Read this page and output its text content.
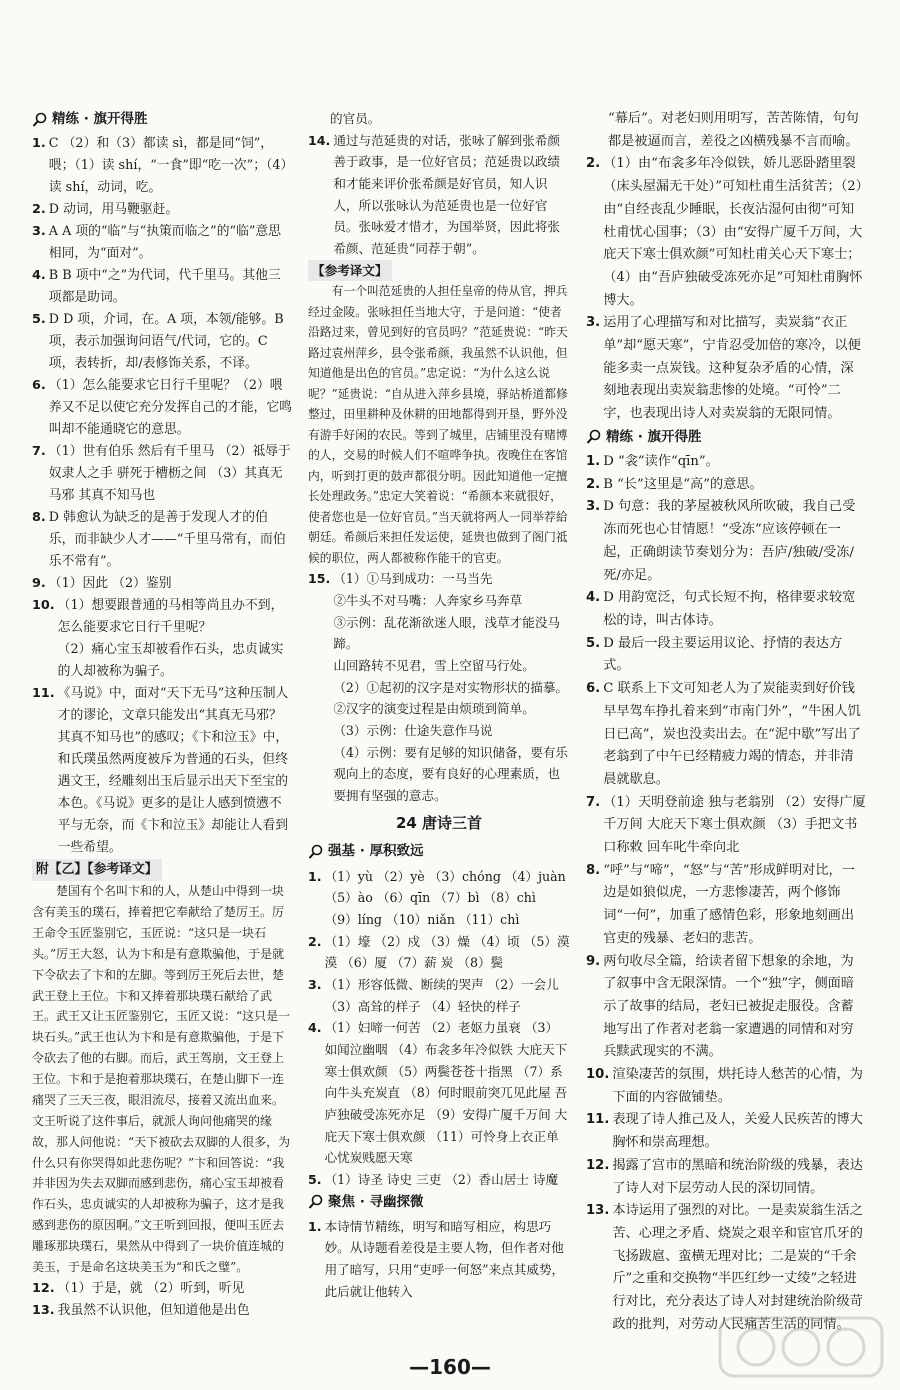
精练 · 旗开得胜
1. C （2）和（3）都读 sì，都是同“饲”，喂；（1）读 shí，“一食”即“吃一次”；（4）读 shí，动词，吃。
2. D 动词，用马鞭驱赶。
3. A A 项的“临”与“执策而临之”的“临”意思相同，为“面对”。
4. B B 项中“之”为代词，代千里马。其他三项都是助词。
5. D D 项，介词，在。A 项，本领/能够。B 项，表示加强询问语气/代词，它的。C 项，表转折，却/表修饰关系，不译。
6. （1）怎么能要求它日行千里呢？（2）喂养又不足以使它充分发挥自己的才能，它鸣叫却不能通晓它的意思。
7. （1）世有伯乐 然后有千里马 （2）祗辱于奴隶人之手 骈死于槽枥之间 （3）其真无马邪 其真不知马也
8. D 韩愈认为缺乏的是善于发现人才的伯乐，而非缺少人才——“千里马常有，而伯乐不常有”。
9. （1）因此 （2）鉴别
10. （1）想要跟普通的马相等尚且办不到，怎么能要求它日行千里呢？
（2）痛心宝玉却被看作石头，忠贞诚实的人却被称为骗子。
11. 《马说》中，面对“天下无马”这种压制人才的谬论，文章只能发出“其真无马邪？其真不知马也”的感叹；《卞和泣玉》中，和氏璞虽然两度被斥为普通的石头，但终遇文王，经雕刻出玉后显示出天下至宝的本色。《马说》更多的是让人感到愤懑不平与无奈，而《卞和泣玉》却能让人看到一些希望。
附【乙】【参考译文】
楚国有个名叫卞和的人，从楚山中得到一块含有美玉的璞石，捧着把它奉献给了楚厉王。厉王命令玉匠鉴别它，玉匠说：“这只是一块石头。”厉王大怒，认为卞和是有意欺骗他，于是就下令砍去了卞和的左脚。等到厉王死后去世，楚武王登上王位。卞和又捧着那块璞石献给了武王。武王又让玉匠鉴别它，玉匠又说：“这只是一块石头。”武王也认为卞和是有意欺骗他，于是下令砍去了他的右脚。而后，武王驾崩，文王登上王位。卞和于是抱着那块璞石，在楚山脚下一连痛哭了三天三夜，眼泪流尽，接着又流出血来。文王听说了这件事后，就派人询问他痛哭的缘故，那人问他说：“天下被砍去双脚的人很多，为什么只有你哭得如此悲伤呢？”卞和回答说：“我并非因为失去双脚而感到悲伤，痛心宝玉却被看作石头，忠贞诚实的人却被称为骗子，这才是我感到悲伤的原因啊。”文王听到回报，便叫玉匠去雕琢那块璞石，果然从中得到了一块价值连城的美玉，于是命名这块美玉为“和氏之璧”。
12. （1）于是，就 （2）听到，听见
13. 我虽然不认识他，但知道他是出色
的官员。
14. 通过与范延贵的对话，张咏了解到张希颜善于政事，是一位好官员；范延贵以政绩和才能来评价张希颜是好官员，知人识人，所以张咏认为范延贵也是一位好官员。张咏爱才惜才，为国举贤，因此将张希颜、范延贵“同荐于朝”。
【参考译文】
有一个叫范延贵的人担任皇帝的侍从官，押兵经过金陵。张咏担任当地大守，于是问道：“使者沿路过来，曾见到好的官员吗？”范延贵说：“昨天路过袁州萍乡，县令张希颜，我虽然不认识他，但知道他是出色的官员。”忠定说：“为什么这么说呢？”延贵说：“自从进入萍乡县境，驿站桥道都修整过，田里耕种及休耕的田地都得到开垦，野外没有游手好闲的农民。等到了城里，店铺里没有赌博的人，交易的时候人们不喧哗争执。夜晚住在客馆内，听到打更的鼓声都很分明。因此知道他一定擅长处理政务。”忠定大笑着说：“希颜本来就很好，使者您也是一位好官员。”当天就将两人一同举荐給朝廷。希颜后来担任发运使，延贵也做到了阁门祗候的职位，两人都被称作能干的官吏。
15. （1）①马到成功：一马当先
②牛头不对马嘴：人奔家乡马奔草
③示例：乱花渐欲迷人眼，浅草才能没马蹄。
山回路转不见君，雪上空留马行处。
（2）①起初的汉字是对实物形状的描摹。
②汉字的演变过程是由烦琐到简单。
（3）示例：仕途失意作马说
（4）示例：要有足够的知识储备，要有乐观向上的态度，要有良好的心理素质，也要拥有坚强的意志。
24 唐诗三首
强基 · 厚积致远
1. （1）yù （2）yè （3）chóng （4）juàn
（5）ào （6）qīn （7）bì （8）chì
（9）líng （10）niǎn （11）chì
2. （1）壕 （2）戍 （3）燥 （4）顷 （5）漠 漠 （6）厦 （7）薪 炭 （8）鬓
3. （1）形容低微、断续的哭声 （2）一会儿 （3）高耸的样子 （4）轻快的样子
4. （1）妇啼一何苦 （2）老妪力虽衰 （3）如闻泣幽咽 （4）布衾多年冷似铁 大庇天下寒士俱欢颜 （5）两鬓苍苍十指黑 （7）系向牛头充炭直 （8）何时眼前突兀见此屋 吾庐独破受冻死亦足 （9）安得广厦千万间 大庇天下寒士俱欢颜 （11）可怜身上衣正单 心忧炭贱愿天寒
5. （1）诗圣 诗史 三吏 （2）香山居士 诗魔
聚焦 · 寻幽探微
1. 本诗情节精练，明写和暗写相应，构思巧妙。从诗题看差役是主要人物，但作者对他用了暗写，只用“吏呼一何怒”来点其威势，此后就让他转入
“幕后”。对老妇则用明写，苦苦陈情，句句都是被逼而言，差役之凶横残暴不言而喻。
2. （1）由“布衾多年冷似铁，娇儿恶卧踏里裂（床头屋漏无干处）”可知杜甫生活贫苦；（2）由“自经丧乱少睡眠，长夜沾湿何由彻”可知杜甫忧心国事；（3）由“安得广厦千万间，大庇天下寒士俱欢颜”可知杜甫关心天下寒士；（4）由“吾庐独破受冻死亦足”可知杜甫胸怀博大。
3. 运用了心理描写和对比描写，卖炭翁“衣正单”却“愿天寒”，宁肯忍受加倍的寒冷，以便能多卖一点炭钱。这种复杂矛盾的心情，深刻地表现出卖炭翁悲惨的处境。“可怜”二字，也表现出诗人对卖炭翁的无限同情。
精练 · 旗开得胜
1. D “衾”读作“qīn”。
2. B “长”这里是“高”的意思。
3. D 句意：我的茅屋被秋风所吹破，我自己受冻而死也心甘情愿！“受冻”应该停顿在一起，正确朗读节奏划分为：吾庐/独破/受冻/死/亦足。
4. D 用韵宽泛，句式长短不拘，格律要求较宽松的诗，叫古体诗。
5. D 最后一段主要运用议论、抒情的表达方式。
6. C 联系上下文可知老人为了炭能卖到好价钱早早驾车挣扎着来到“市南门外”，“牛困人饥日已高”，炭也没卖出去。在“泥中歇”写出了老翁到了中午已经精疲力竭的情态，并非清晨就歇息。
7. （1）天明登前途 独与老翁别 （2）安得广厦千万间 大庇天下寒士俱欢颜 （3）手把文书口称敕 回车叱牛牵向北
8. “呼”与“啼”，“怒”与“苦”形成鲜明对比，一边是如狼似虎，一方悲惨凄苦，两个修饰词“一何”，加重了感情色彩，形象地刻画出官吏的残暴、老妇的悲苦。
9. 两句收尽全篇，给读者留下想象的余地，为了叙事中含无限深情。一个“独”字，侧面暗示了故事的结局，老妇已被捉走服役。含蓄地写出了作者对老翁一家遭遇的同情和对穷兵黩武现实的不满。
10. 渲染凄苦的氛围，烘托诗人愁苦的心情，为下面的内容做铺垫。
11. 表现了诗人推己及人，关爱人民疾苦的博大胸怀和崇高理想。
12. 揭露了宫市的黑暗和统治阶级的残暴，表达了诗人对下层劳动人民的深切同情。
13. 本诗运用了强烈的对比。一是卖炭翁生活之苦、心理之矛盾、烧炭之艰辛和宦官爪牙的飞扬跋扈、蛮横无理对比；二是炭的“千余斤”之重和交换物“半匹红纱一丈绫”之轻进行对比，充分表达了诗人对封建统治阶级苛政的批判，对劳动人民痛苦生活的同情。
—160—
